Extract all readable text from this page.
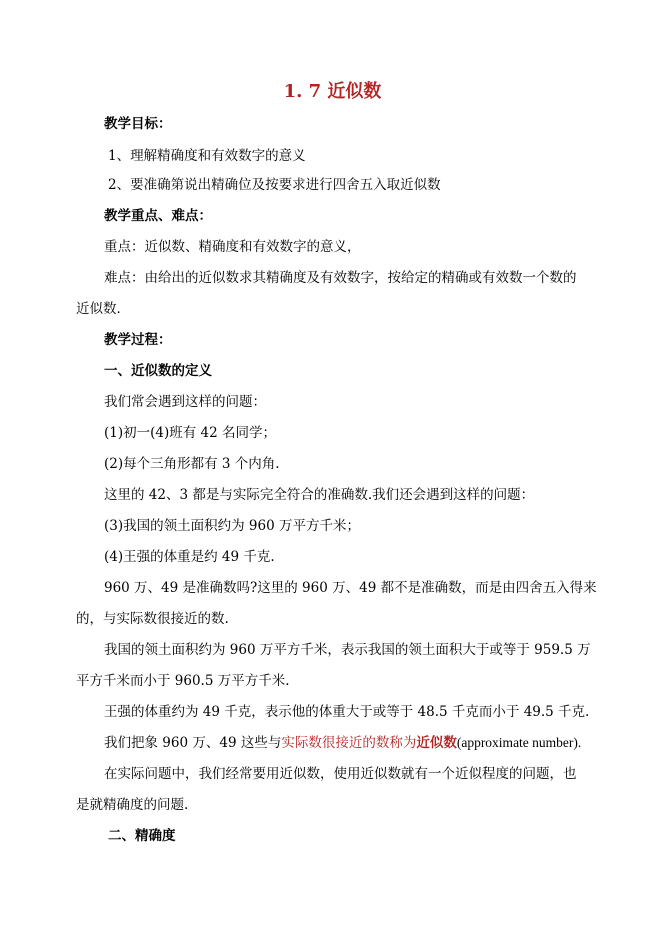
1. 7 近似数
教学目标：
1、理解精确度和有效数字的意义
2、要准确第说出精确位及按要求进行四舍五入取近似数
教学重点、难点：
重点：近似数、精确度和有效数字的意义，
难点：由给出的近似数求其精确度及有效数字，按给定的精确或有效数一个数的
近似数．
教学过程：
一、近似数的定义
我们常会遇到这样的问题：
(1)初一(4)班有 42 名同学；
(2)每个三角形都有 3 个内角.
这里的 42、3 都是与实际完全符合的准确数.我们还会遇到这样的问题：
(3)我国的领土面积约为 960 万平方千米；
(4)王强的体重是约 49 千克.
960 万、49 是准确数吗?这里的 960 万、49 都不是准确数，而是由四舍五入得来
的，与实际数很接近的数.
我国的领土面积约为 960 万平方千米，表示我国的领土面积大于或等于 959.5 万
平方千米而小于 960.5 万平方千米.
王强的体重约为 49 千克，表示他的体重大于或等于 48.5 千克而小于 49.5 千克.
我们把象 960 万、49 这些与实际数很接近的数称为近似数(approximate number).
在实际问题中，我们经常要用近似数，使用近似数就有一个近似程度的问题，也
是就精确度的问题.
二、精确度
